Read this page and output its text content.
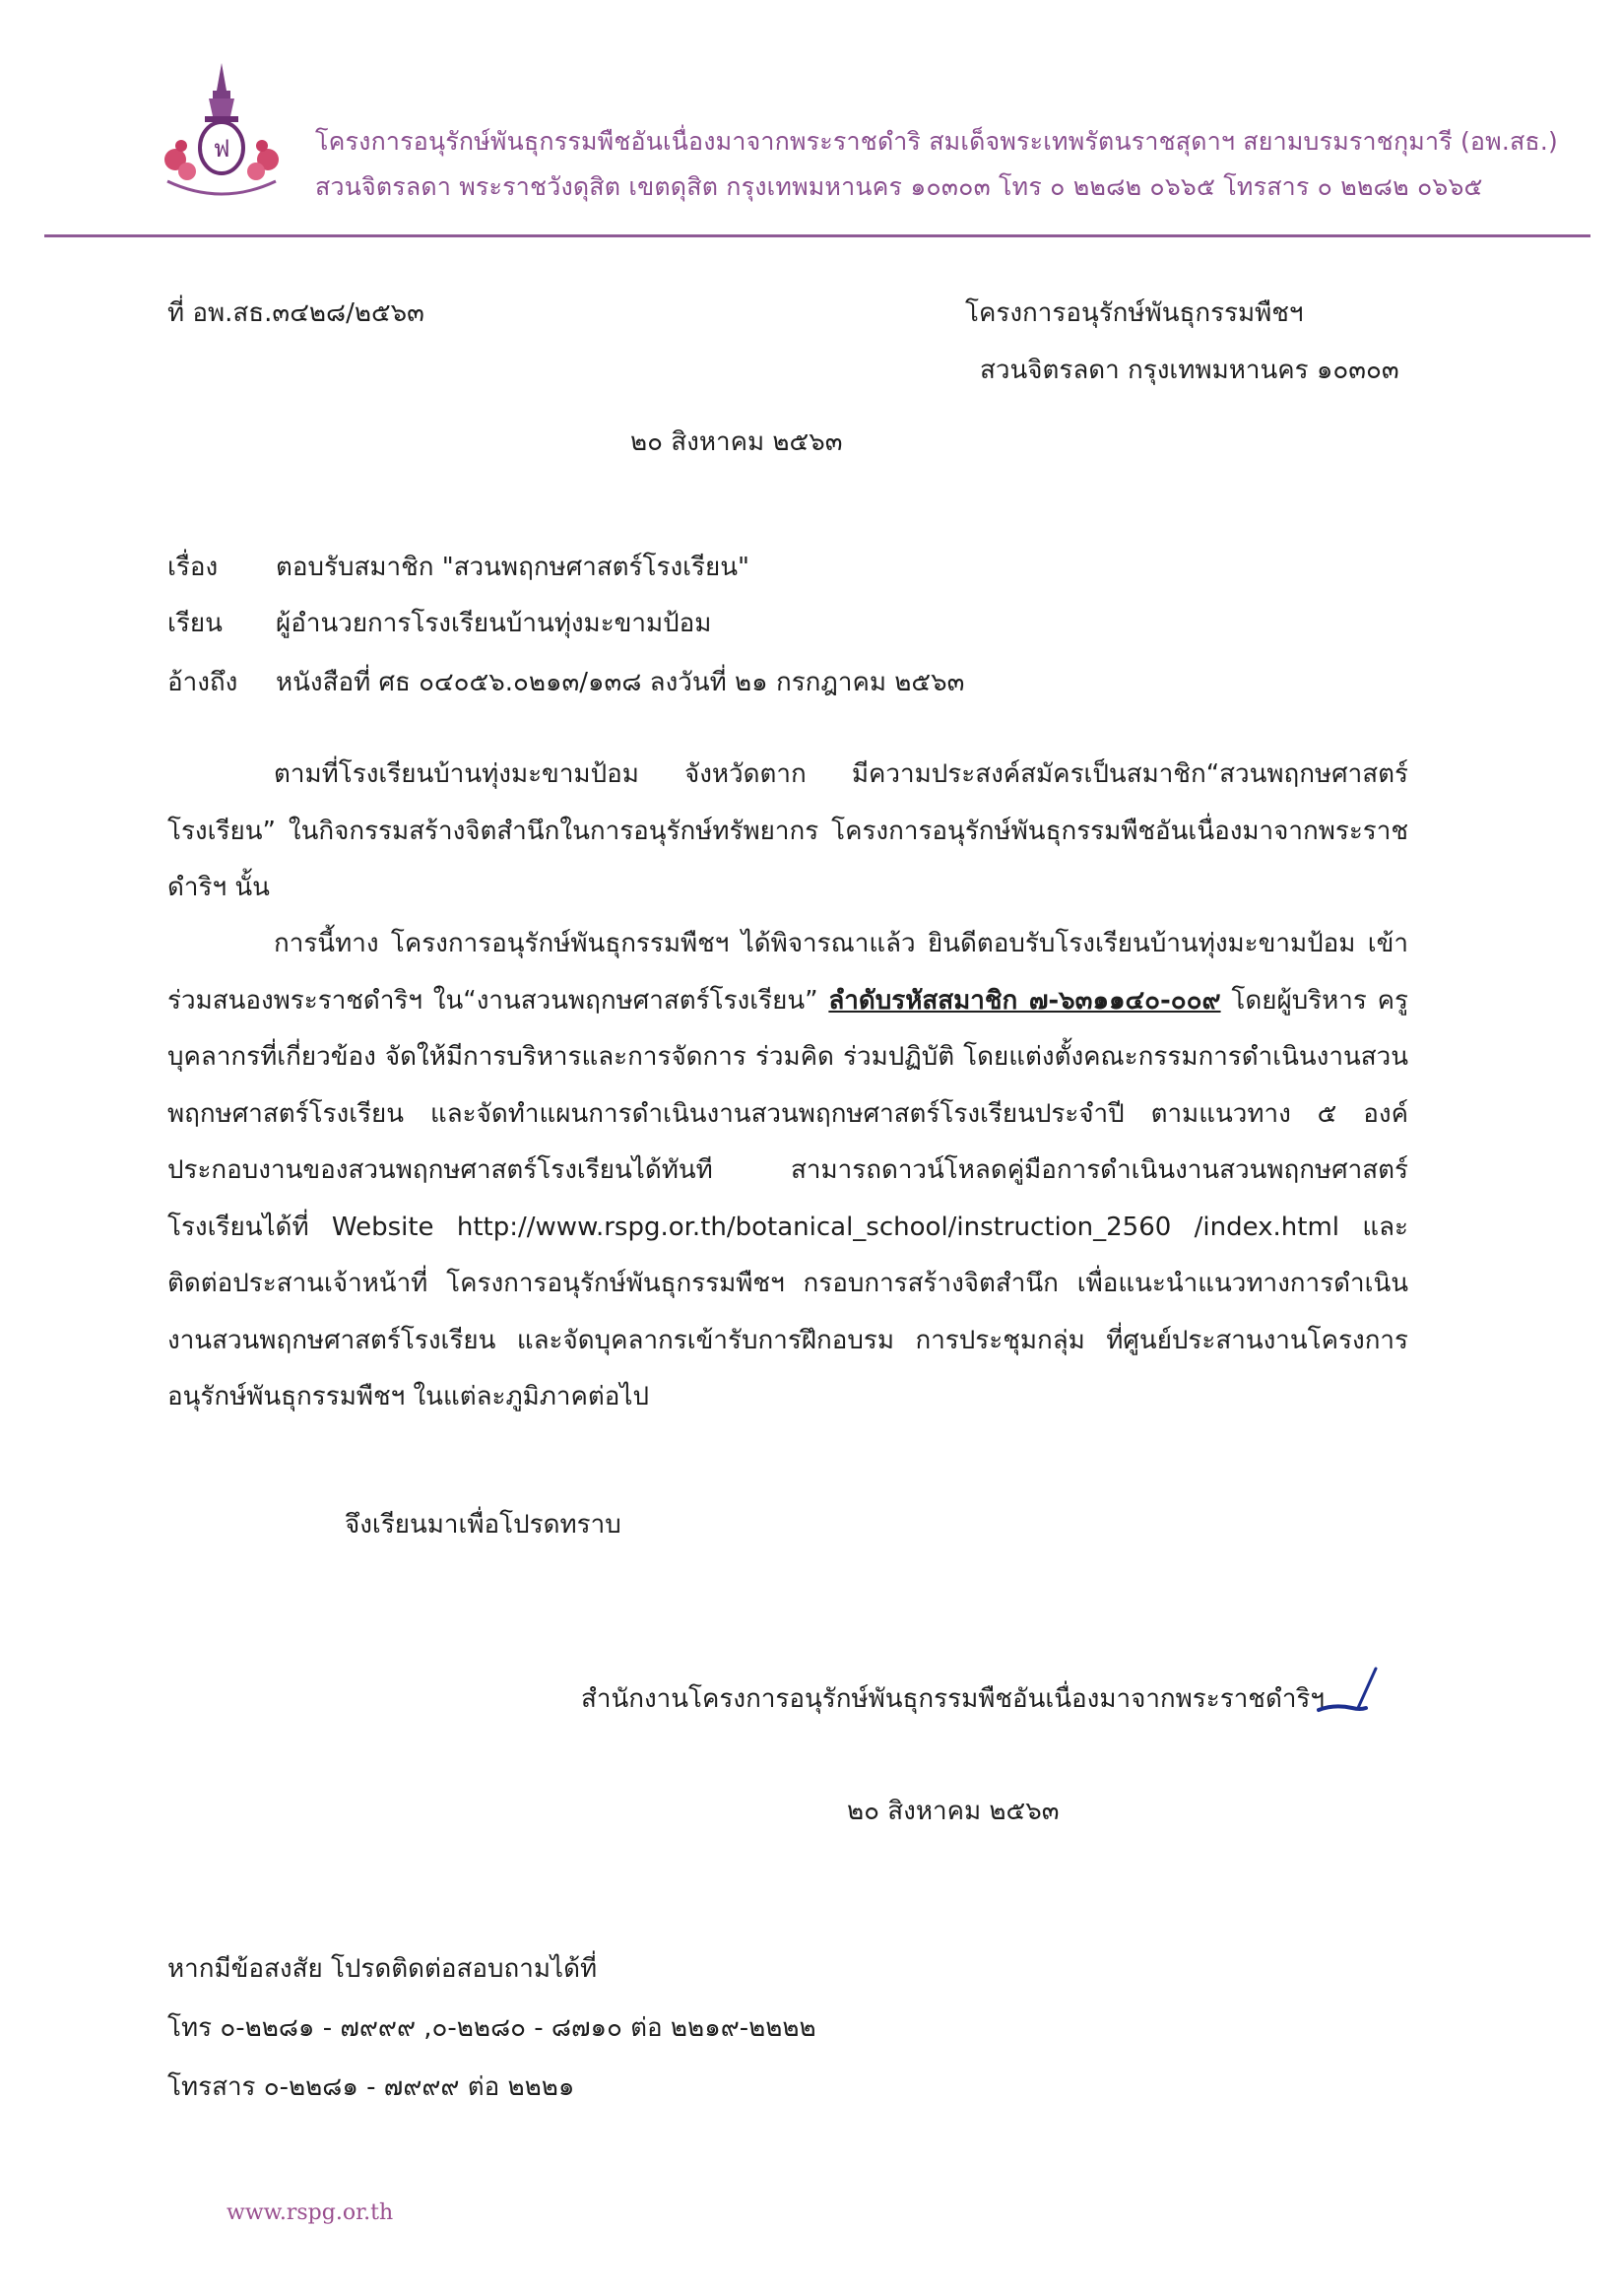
ฟ	โครงการอนุรักษ์พันธุกรรมพืชอันเนื่องมาจากพระราชดำริ สมเด็จพระเทพรัตนราชสุดาฯ สยามบรมราชกุมารี (อพ.สธ.)
สวนจิตรลดา พระราชวังดุสิต เขตดุสิต กรุงเทพมหานคร ๑๐๓๐๓ โทร ๐ ๒๒๘๒ ๐๖๖๕ โทรสาร ๐ ๒๒๘๒ ๐๖๖๕
ที่ อพ.สธ.๓๔๒๘/๒๕๖๓	โครงการอนุรักษ์พันธุกรรมพืชฯ
สวนจิตรลดา กรุงเทพมหานคร ๑๐๓๐๓
๒๐ สิงหาคม ๒๕๖๓
เรื่อง ตอบรับสมาชิก "สวนพฤกษศาสตร์โรงเรียน"
เรียน ผู้อำนวยการโรงเรียนบ้านทุ่งมะขามป้อม
อ้างถึง หนังสือที่ ศธ ๐๔๐๕๖.๐๒๑๓/๑๓๘ ลงวันที่ ๒๑ กรกฎาคม ๒๕๖๓
ตามที่โรงเรียนบ้านทุ่งมะขามป้อม จังหวัดตาก มีความประสงค์สมัครเป็นสมาชิก“สวนพฤกษศาสตร์โรงเรียน” ในกิจกรรมสร้างจิตสำนึกในการอนุรักษ์ทรัพยากร โครงการอนุรักษ์พันธุกรรมพืชอันเนื่องมาจากพระราชดำริฯ นั้น
การนี้ทาง โครงการอนุรักษ์พันธุกรรมพืชฯ ได้พิจารณาแล้ว ยินดีตอบรับโรงเรียนบ้านทุ่งมะขามป้อม เข้าร่วมสนองพระราชดำริฯ ใน“งานสวนพฤกษศาสตร์โรงเรียน” ลำดับรหัสสมาชิก ๗-๖๓๑๑๔๐-๐๐๙ โดยผู้บริหาร ครู บุคลากรที่เกี่ยวข้อง จัดให้มีการบริหารและการจัดการ ร่วมคิด ร่วมปฏิบัติ โดยแต่งตั้งคณะกรรมการดำเนินงานสวนพฤกษศาสตร์โรงเรียน และจัดทำแผนการดำเนินงานสวนพฤกษศาสตร์โรงเรียนประจำปี ตามแนวทาง ๕ องค์ประกอบงานของสวนพฤกษศาสตร์โรงเรียนได้ทันที สามารถดาวน์โหลดคู่มือการดำเนินงานสวนพฤกษศาสตร์โรงเรียนได้ที่ Website http://www.rspg.or.th/botanical_school/instruction_2560 /index.html และติดต่อประสานเจ้าหน้าที่ โครงการอนุรักษ์พันธุกรรมพืชฯ กรอบการสร้างจิตสำนึก เพื่อแนะนำแนวทางการดำเนินงานสวนพฤกษศาสตร์โรงเรียน และจัดบุคลากรเข้ารับการฝึกอบรม การประชุมกลุ่ม ที่ศูนย์ประสานงานโครงการอนุรักษ์พันธุกรรมพืชฯ ในแต่ละภูมิภาคต่อไป
จึงเรียนมาเพื่อโปรดทราบ
สำนักงานโครงการอนุรักษ์พันธุกรรมพืชอันเนื่องมาจากพระราชดำริฯ
๒๐ สิงหาคม ๒๕๖๓
หากมีข้อสงสัย โปรดติดต่อสอบถามได้ที่
โทร ๐-๒๒๘๑ - ๗๙๙๙ ,๐-๒๒๘๐ - ๘๗๑๐ ต่อ ๒๒๑๙-๒๒๒๒
โทรสาร ๐-๒๒๘๑ - ๗๙๙๙ ต่อ ๒๒๒๑
www.rspg.or.th
